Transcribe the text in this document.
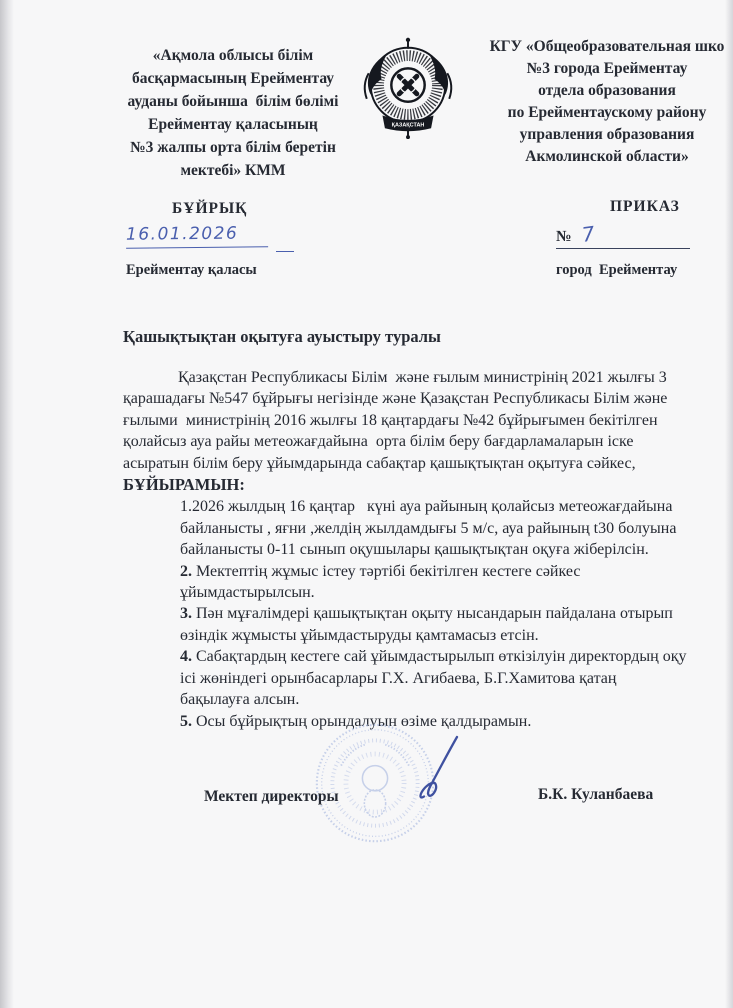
«Ақмола облысы білім
басқармасының Ерейментау
ауданы бойынша  білім бөлімі
Ерейментау қаласының
№3 жалпы орта білім беретін
мектебі» КММ
ҚАЗАҚСТАН
КГУ «Общеобразовательная шко
№3 города Ерейментау
отдела образования
по Ерейментаускому району
управления образования
Акмолинской области»
БҰЙРЫҚ	ПРИКАЗ
16.01.2026	№ 7
Ерейментау қаласы	город  Ерейментау
Қашықтықтан оқытуға ауыстыру туралы

Қазақстан Республикасы Білім  және ғылым министрінің 2021 жылғы 3 қарашадағы №547 бұйрығы негізінде және Қазақстан Республикасы Білім және ғылыми  министрінің 2016 жылғы 18 қаңтардағы №42 бұйрығымен бекітілген қолайсыз ауа райы метеожағдайына  орта білім беру бағдарламаларын іске асыратын білім беру ұйымдарында сабақтар қашықтықтан оқытуға сәйкес, БҰЙЫРАМЫН:

1.2026 жылдың 16 қаңтар   күні ауа райының қолайсыз метеожағдайына байланысты , яғни ,желдің жылдамдығы 5 м/с, ауа райының t30 болуына байланысты 0-11 сынып оқушылары қашықтықтан оқуға жіберілсін.
2. Мектептің жұмыс істеу тәртібі бекітілген кестеге сәйкес ұйымдастырылсын.
3. Пән мұғалімдері қашықтықтан оқыту нысандарын пайдалана отырып өзіндік жұмысты ұйымдастыруды қамтамасыз етсін.
4. Сабақтардың кестеге сай ұйымдастырылып өткізілуін директордың оқу ісі жөніндегі орынбасарлары Г.Х. Агибаева, Б.Г.Хамитова қатаң бақылауға алсын.
5. Осы бұйрықтың орындалуын өзіме қалдырамын.
Мектеп директоры	Б.К. Куланбаева
